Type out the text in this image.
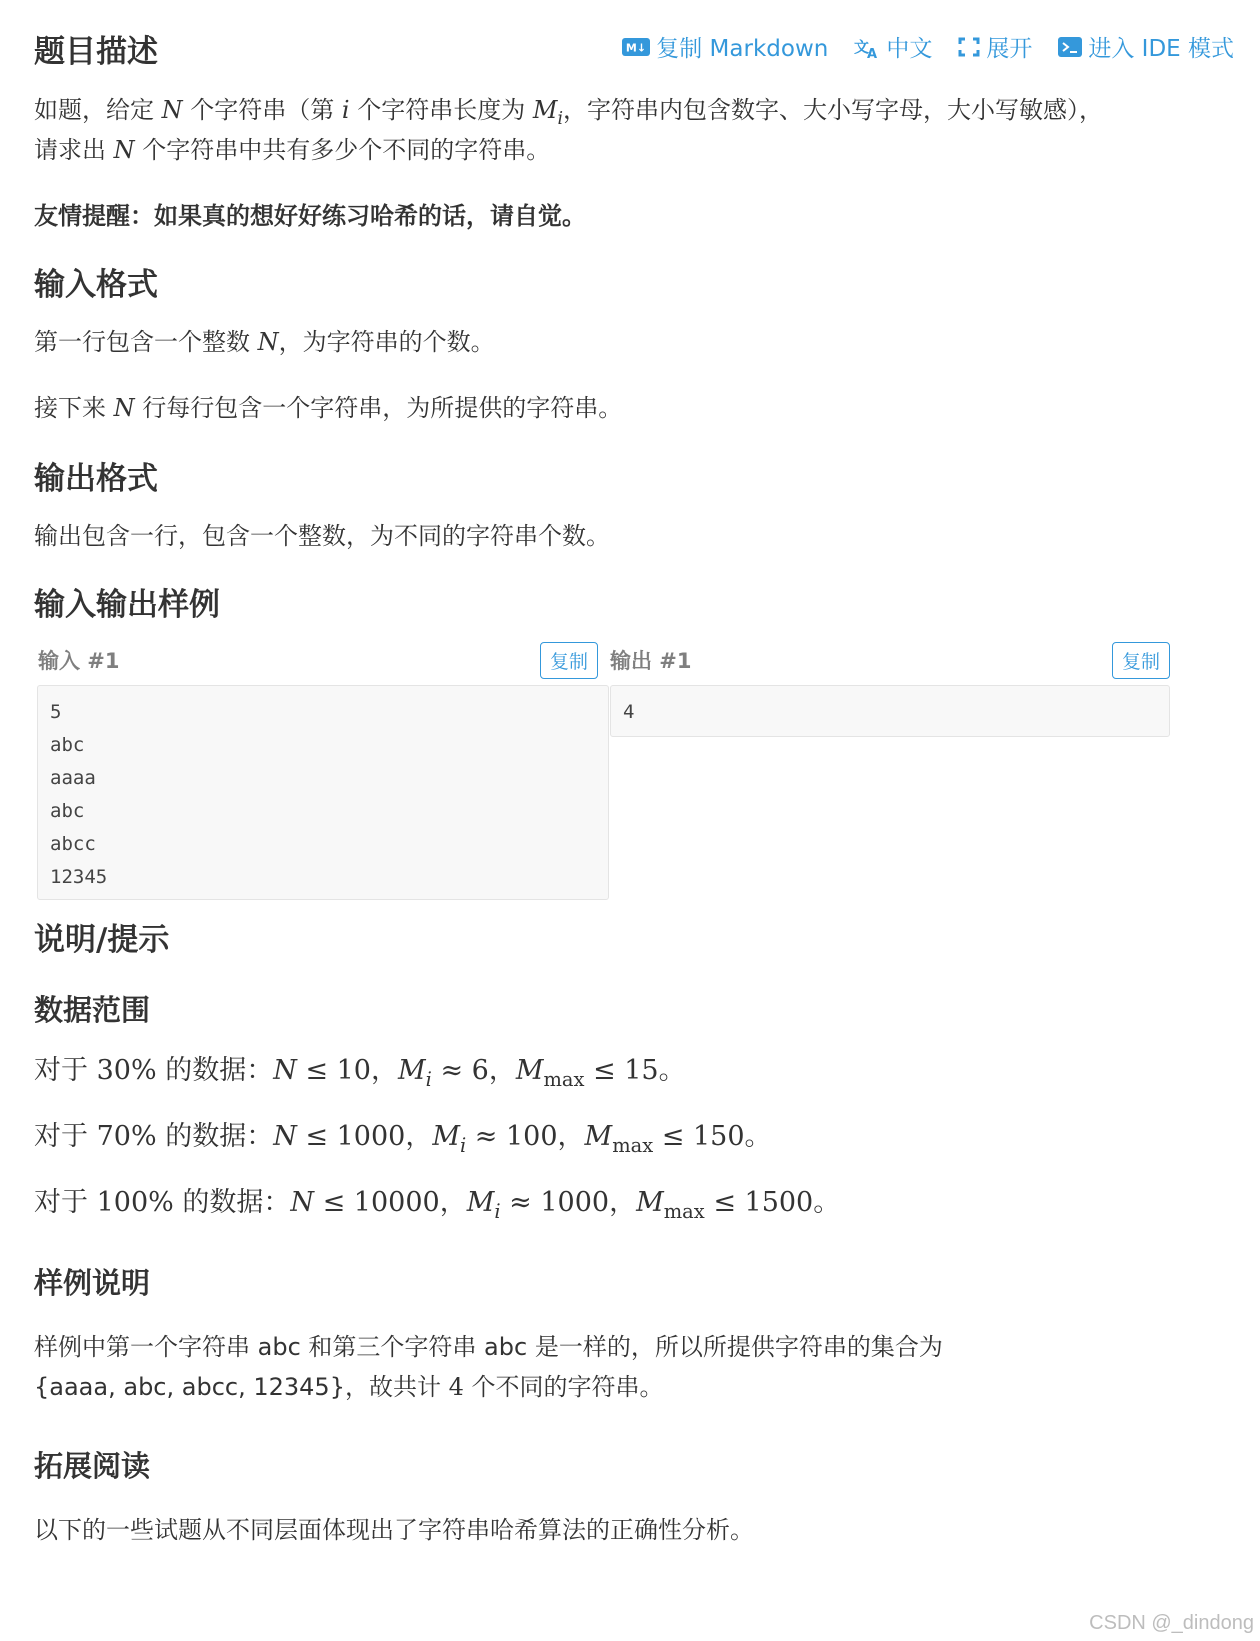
M↓ 复制 Markdown 文
A 中文 展开 进入 IDE 模式
题目描述

如题，给定 N 个字符串（第 i 个字符串长度为 $M_i$，字符串内包含数字、大小写字母，大小写敏感），

请求出 N 个字符串中共有多少个不同的字符串。

友情提醒：如果真的想好好练习哈希的话，请自觉。

输入格式

第一行包含一个整数 N，为字符串的个数。

接下来 N 行每行包含一个字符串，为所提供的字符串。

输出格式

输出包含一行，包含一个整数，为不同的字符串个数。

输入输出样例
输入 #1	复制	输出 #1	复制
5
abc
aaaa
abc
abcc
12345
4
说明/提示
数据范围

对于 30% 的数据：N ≤ 10，$M_i \approx 6$，$M_{max} \le 15$。

对于 70% 的数据：N ≤ 1000，$M_i \approx 100$，$M_{max} \le 150$。

对于 100% 的数据：N ≤ 10000，$M_i \approx 1000$，$M_{max} \le 1500$。

样例说明

样例中第一个字符串 abc 和第三个字符串 abc 是一样的，所以所提供字符串的集合为

{aaaa, abc, abcc, 12345}，故共计 4 个不同的字符串。

拓展阅读

以下的一些试题从不同层面体现出了字符串哈希算法的正确性分析。

CSDN @_dindong
